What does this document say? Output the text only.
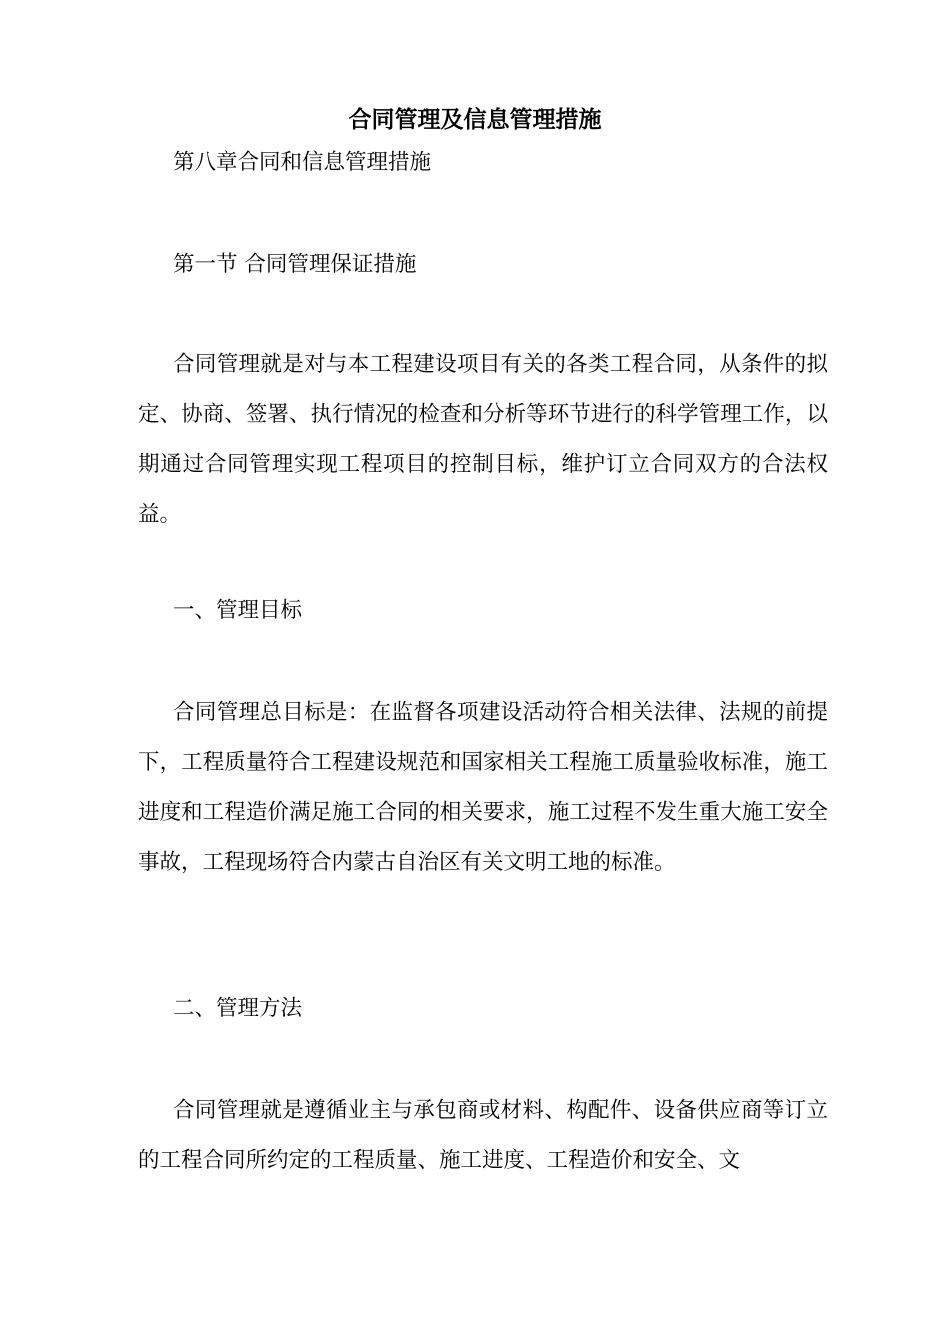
合同管理及信息管理措施

第八章合同和信息管理措施

第一节 合同管理保证措施

合同管理就是对与本工程建设项目有关的各类工程合同，从条件的拟定、协商、签署、执行情况的检查和分析等环节进行的科学管理工作，以期通过合同管理实现工程项目的控制目标，维护订立合同双方的合法权益。

一、管理目标

合同管理总目标是：在监督各项建设活动符合相关法律、法规的前提下，工程质量符合工程建设规范和国家相关工程施工质量验收标准，施工进度和工程造价满足施工合同的相关要求，施工过程不发生重大施工安全事故，工程现场符合内蒙古自治区有关文明工地的标准。

二、管理方法

合同管理就是遵循业主与承包商或材料、构配件、设备供应商等订立的工程合同所约定的工程质量、施工进度、工程造价和安全、文
